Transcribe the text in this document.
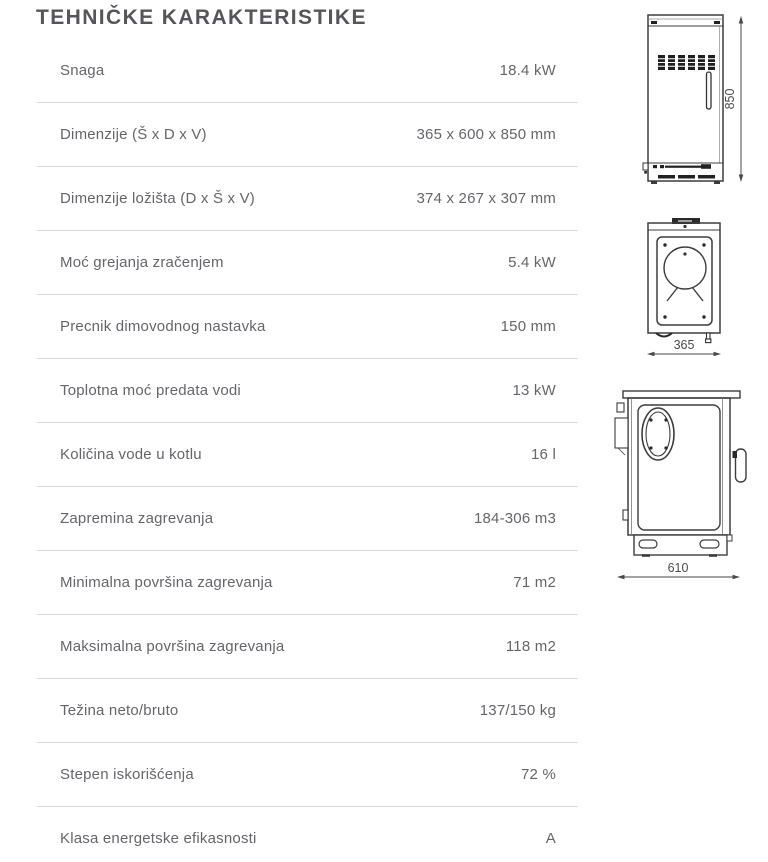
TEHNIČKE KARAKTERISTIKE
Snaga	18.4 kW
Dimenzije (Š x D x V)	365 x 600 x 850 mm
Dimenzije ložišta (D x Š x V)	374 x 267 x 307 mm
Moć grejanja zračenjem	5.4 kW
Precnik dimovodnog nastavka	150 mm
Toplotna moć predata vodi	13 kW
Količina vode u kotlu	16 l
Zapremina zagrevanja	184-306 m3
Minimalna površina zagrevanja	71 m2
Maksimalna površina zagrevanja	118 m2
Težina neto/bruto	137/150 kg
Stepen iskorišćenja	72 %
Klasa energetske efikasnosti	A
850
365
610
